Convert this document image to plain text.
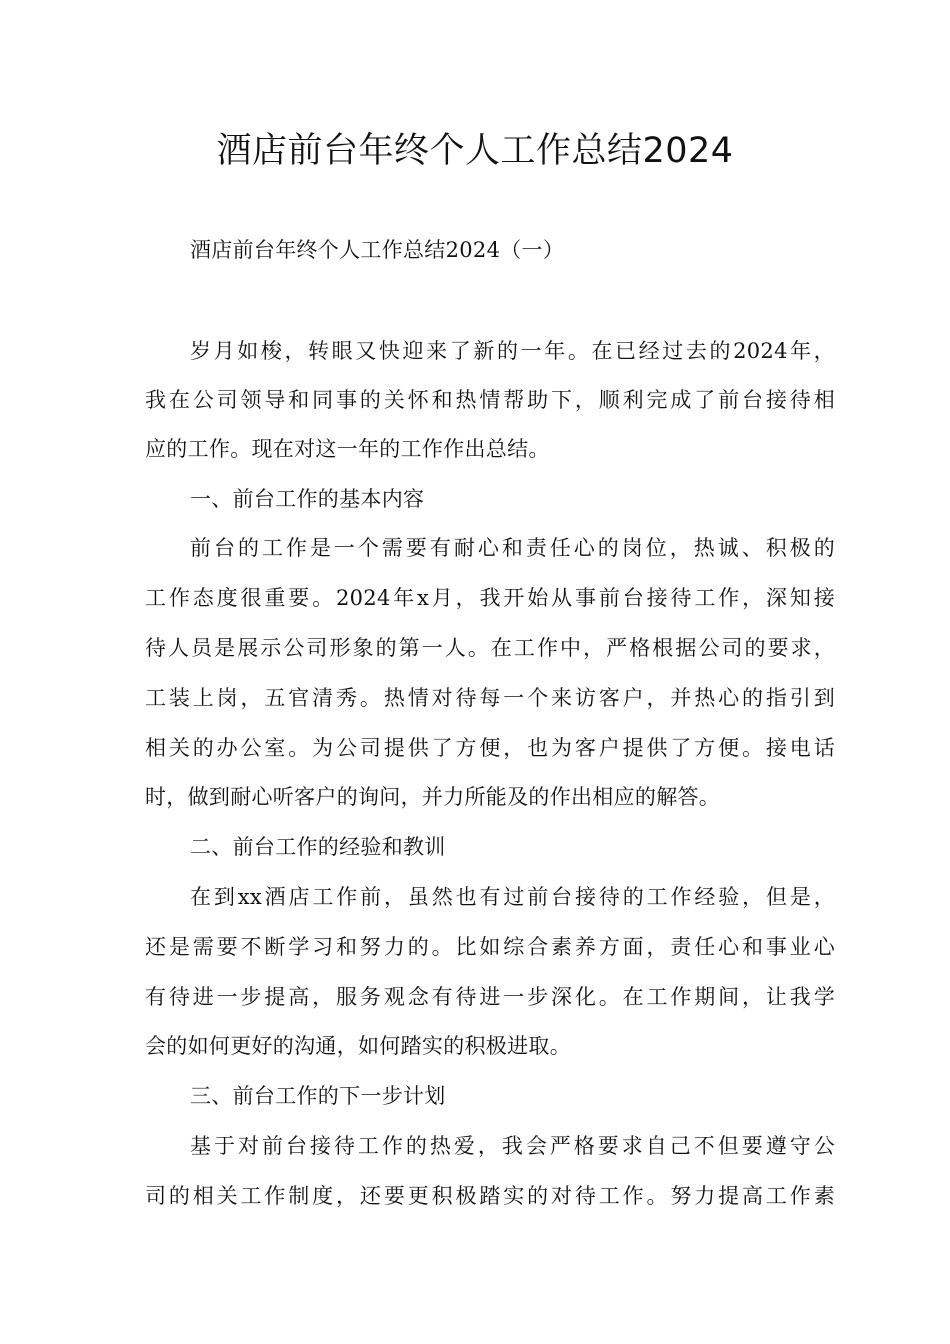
酒店前台年终个人工作总结2024
酒店前台年终个人工作总结2024（一）
岁月如梭，转眼又快迎来了新的一年。在已经过去的2024年，
我在公司领导和同事的关怀和热情帮助下，顺利完成了前台接待相
应的工作。现在对这一年的工作作出总结。
一、前台工作的基本内容
前台的工作是一个需要有耐心和责任心的岗位，热诚、积极的
工作态度很重要。2024年x月，我开始从事前台接待工作，深知接
待人员是展示公司形象的第一人。在工作中，严格根据公司的要求，
工装上岗，五官清秀。热情对待每一个来访客户，并热心的指引到
相关的办公室。为公司提供了方便，也为客户提供了方便。接电话
时，做到耐心听客户的询问，并力所能及的作出相应的解答。
二、前台工作的经验和教训
在到xx酒店工作前，虽然也有过前台接待的工作经验，但是，
还是需要不断学习和努力的。比如综合素养方面，责任心和事业心
有待进一步提高，服务观念有待进一步深化。在工作期间，让我学
会的如何更好的沟通，如何踏实的积极进取。
三、前台工作的下一步计划
基于对前台接待工作的热爱，我会严格要求自己不但要遵守公
司的相关工作制度，还要更积极踏实的对待工作。努力提高工作素
